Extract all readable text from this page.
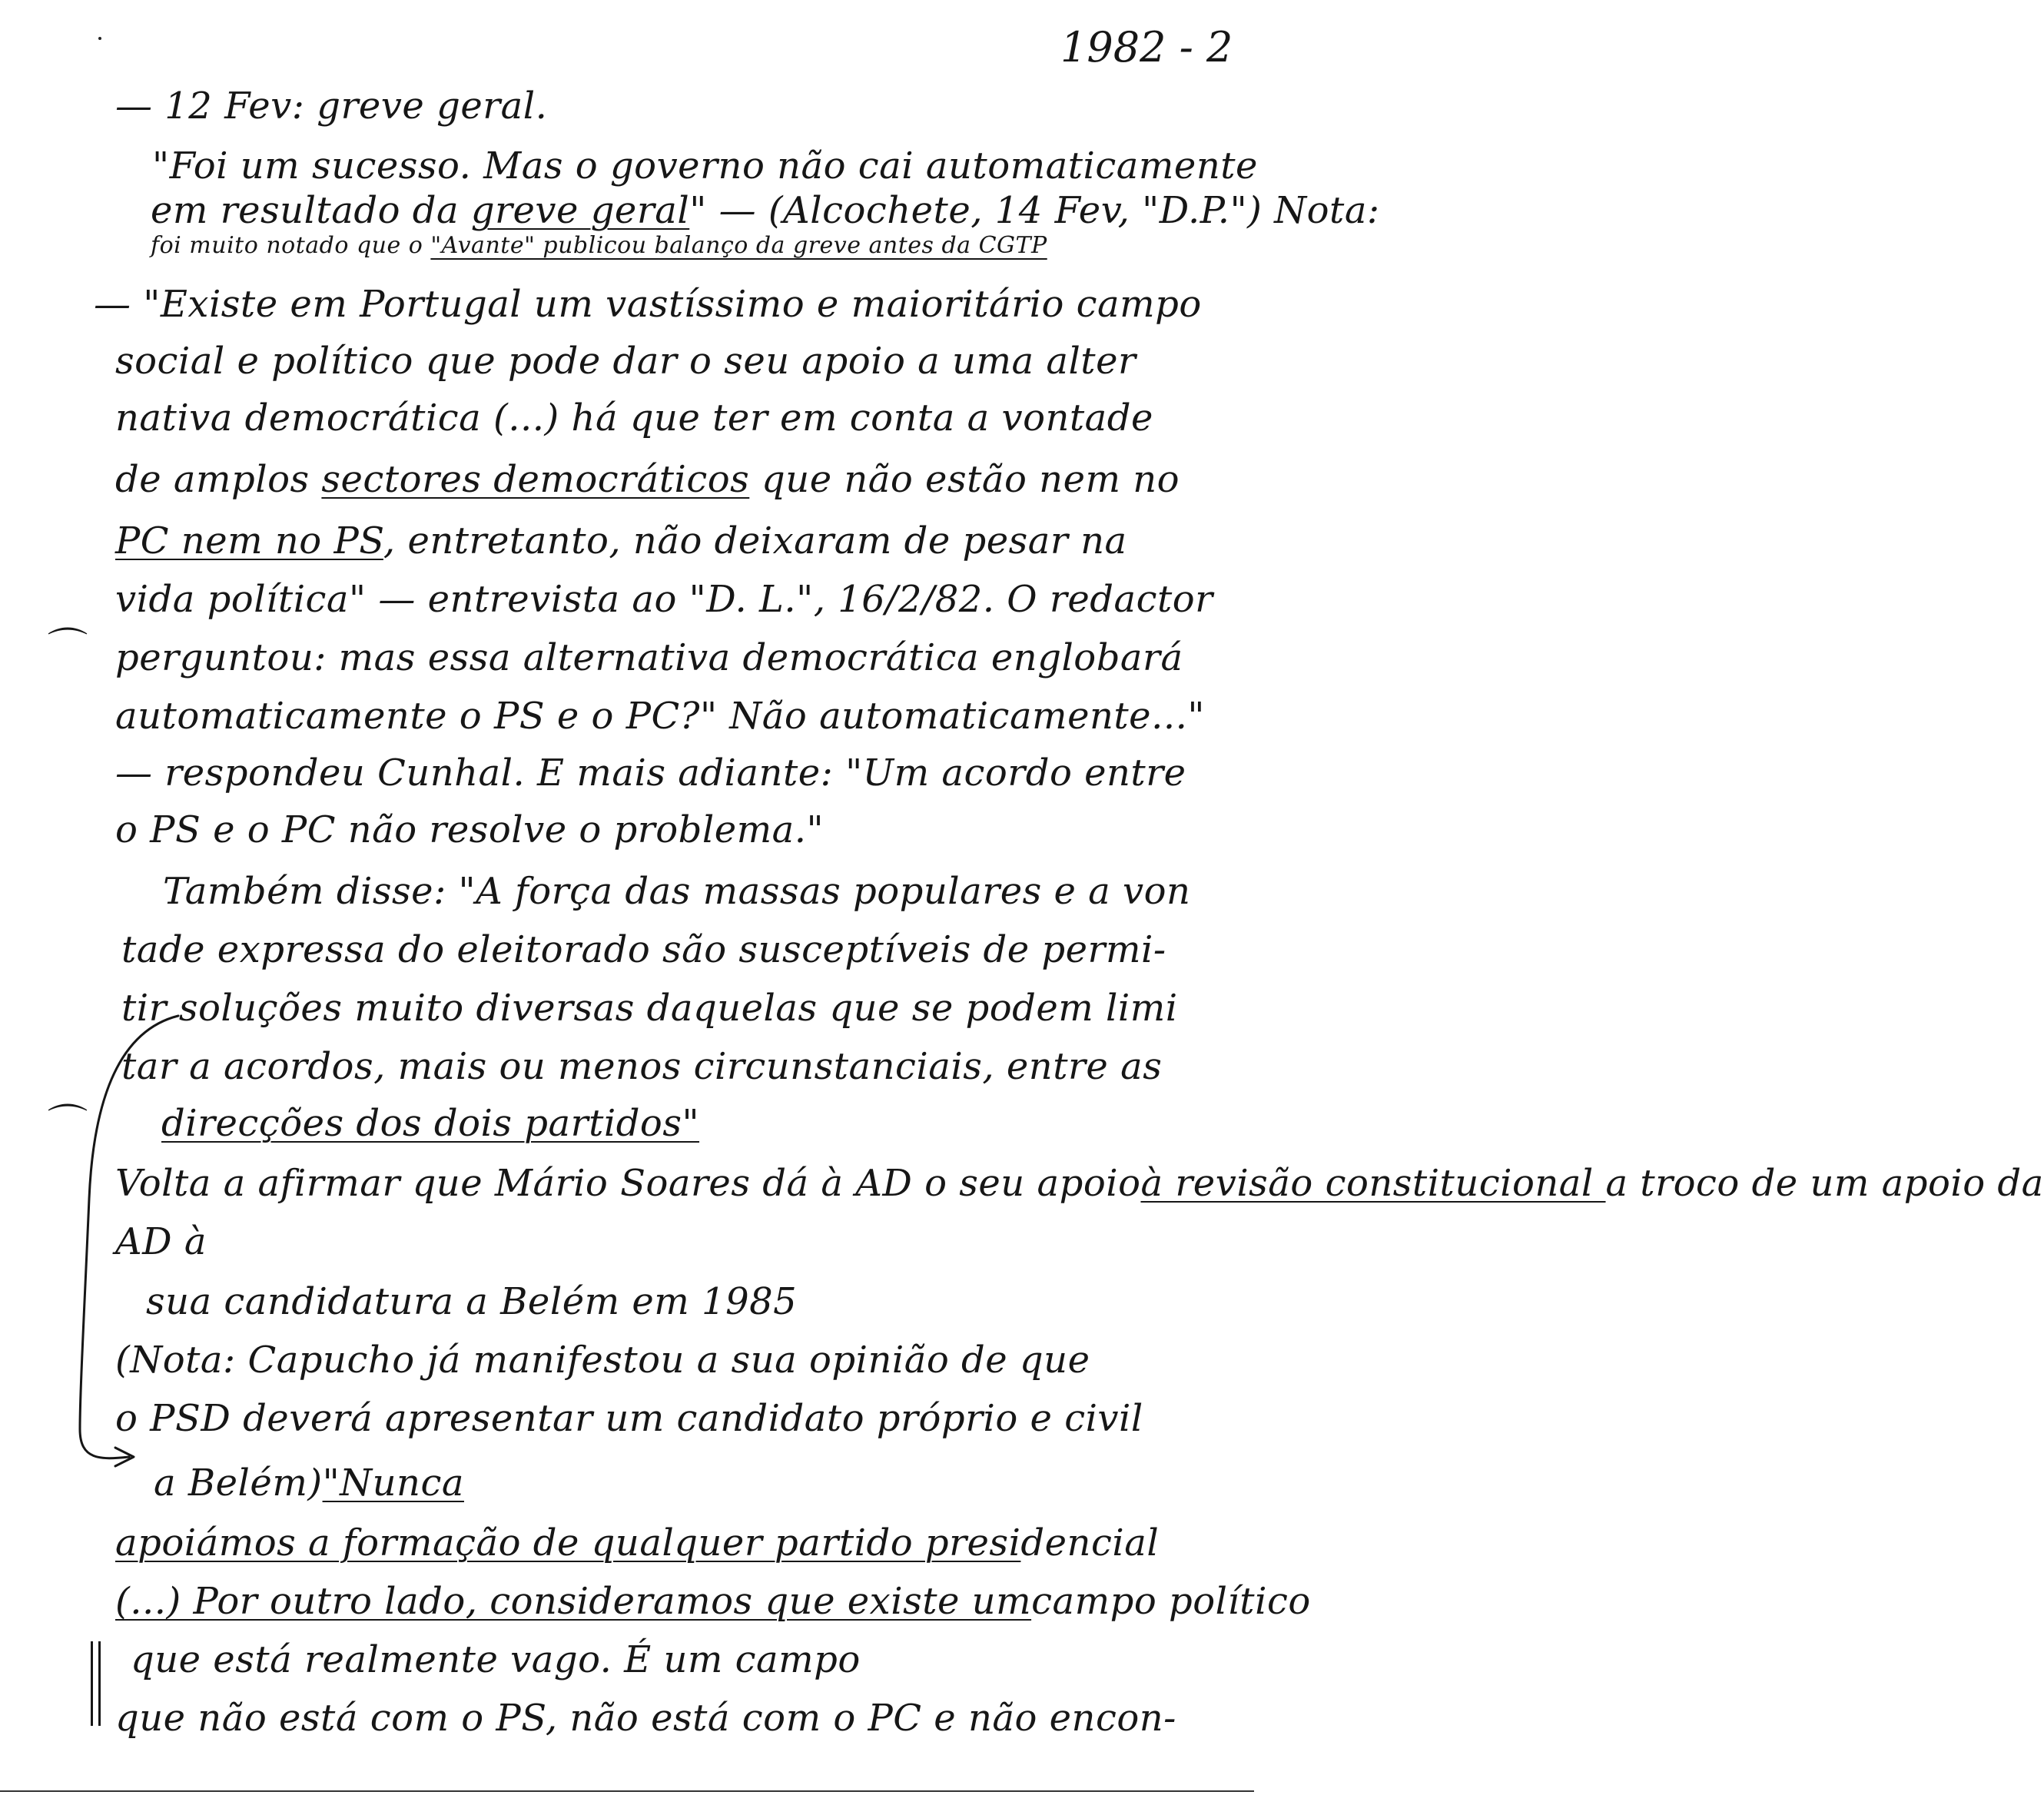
1982 - 2
⌒
⌒
— 12 Fev: greve geral.
"Foi um sucesso. Mas o governo não cai automaticamente
em resultado da greve geral" — (Alcochete, 14 Fev, "D.P.") Nota:
foi muito notado que o "Avante" publicou balanço da greve antes da CGTP
— "Existe em Portugal um vastíssimo e maioritário campo
social e político que pode dar o seu apoio a uma alter
nativa democrática (...) há que ter em conta a vontade
de amplos sectores democráticos que não estão nem no
PC nem no PS, entretanto, não deixaram de pesar na
vida política" — entrevista ao "D. L.", 16/2/82. O redactor
perguntou: mas essa alternativa democrática englobará
automaticamente o PS e o PC?" Não automaticamente..."
— respondeu Cunhal. E mais adiante: "Um acordo entre
o PS e o PC não resolve o problema."
Também disse: "A força das massas populares e a von
tade expressa do eleitorado são susceptíveis de permi-
tir soluções muito diversas daquelas que se podem limi
tar a acordos, mais ou menos circunstanciais, entre as
direcções dos dois partidos"
Volta a afirmar que Mário Soares dá à AD o seu apoioà revisão constitucional a troco de um apoio da
AD à
sua candidatura a Belém em 1985
(Nota: Capucho já manifestou a sua opinião de que
o PSD deverá apresentar um candidato próprio e civil
a Belém)"Nunca
apoiámos a formação de qualquer partido presidencial
(...) Por outro lado, consideramos que existe umcampo político
que está realmente vago. É um campo
que não está com o PS, não está com o PC e não encon-
